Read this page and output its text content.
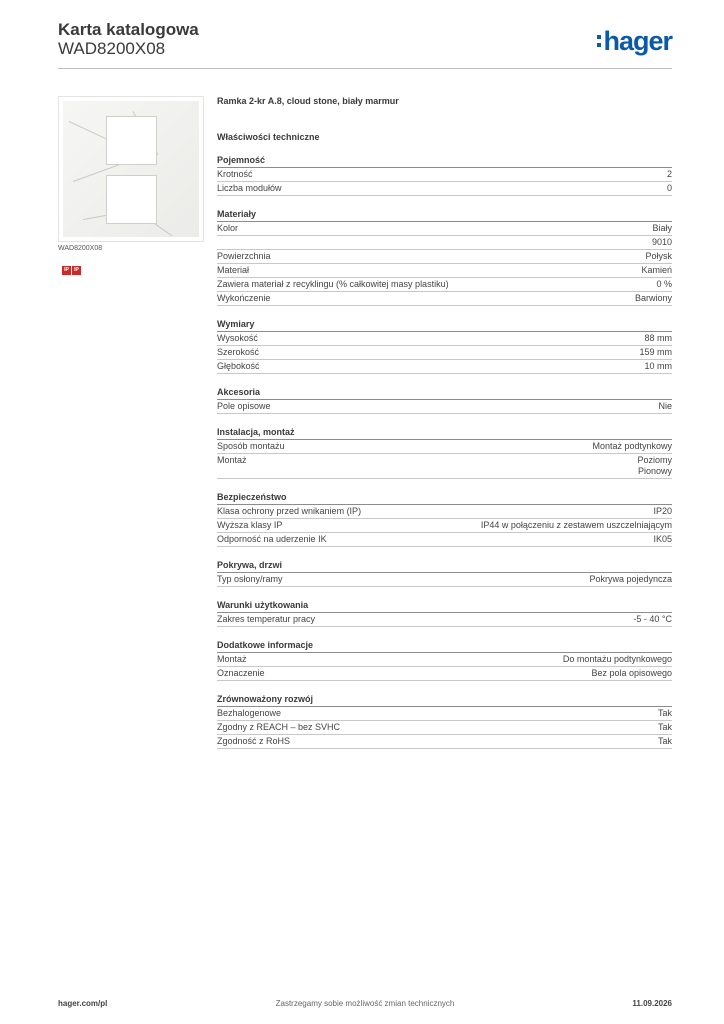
Karta katalogowa
WAD8200X08	hager
WAD8200X08
IP	IP
Ramka 2-kr A.8, cloud stone, biały marmur
Właściwości techniczne
Pojemność
Krotność	2
Liczba modułów	0
Materiały
Kolor	Biały
9010
Powierzchnia	Połysk
Materiał	Kamień
Zawiera materiał z recyklingu (% całkowitej masy plastiku)	0 %
Wykończenie	Barwiony
Wymiary
Wysokość	88 mm
Szerokość	159 mm
Głębokość	10 mm
Akcesoria
Pole opisowe	Nie
Instalacja, montaż
Sposób montażu	Montaż podtynkowy
Montaż	Poziomy
Pionowy
Bezpieczeństwo
Klasa ochrony przed wnikaniem (IP)	IP20
Wyższa klasy IP	IP44 w połączeniu z zestawem uszczelniającym
Odporność na uderzenie IK	IK05
Pokrywa, drzwi
Typ osłony/ramy	Pokrywa pojedyncza
Warunki użytkowania
Zakres temperatur pracy	-5 - 40 °C
Dodatkowe informacje
Montaż	Do montażu podtynkowego
Oznaczenie	Bez pola opisowego
Zrównoważony rozwój
Bezhalogenowe	Tak
Zgodny z REACH – bez SVHC	Tak
Zgodność z RoHS	Tak
hager.com/pl	Zastrzegamy sobie możliwość zmian technicznych	11.09.2026
